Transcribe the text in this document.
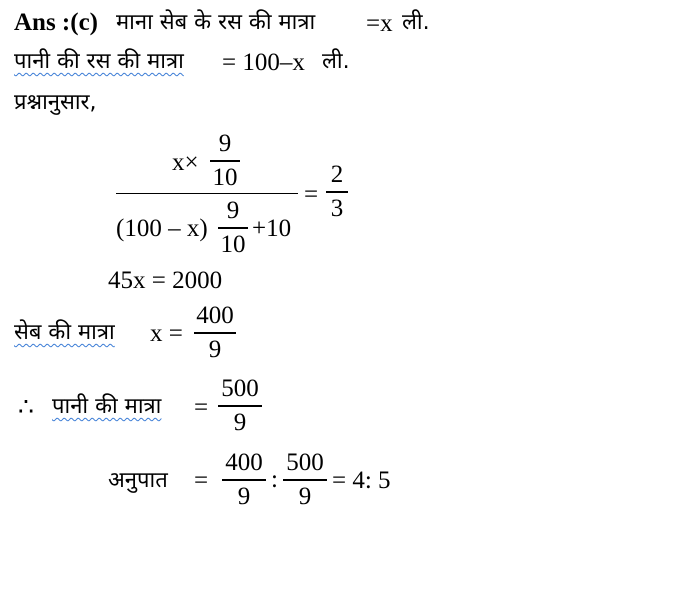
Ans :(c) माना सेब के रस की मात्रा =x ली.
पानी की रस की मात्रा = 100–x ली.
प्रश्नानुसार,
x×
9
10
(100 – x)
9
10
+10
=
2
3
45x = 2000
सेब की मात्रा x =
400
9
∴ पानी की मात्रा =
500
9
अनुपात =
400
9
:
500
9
= 4: 5
